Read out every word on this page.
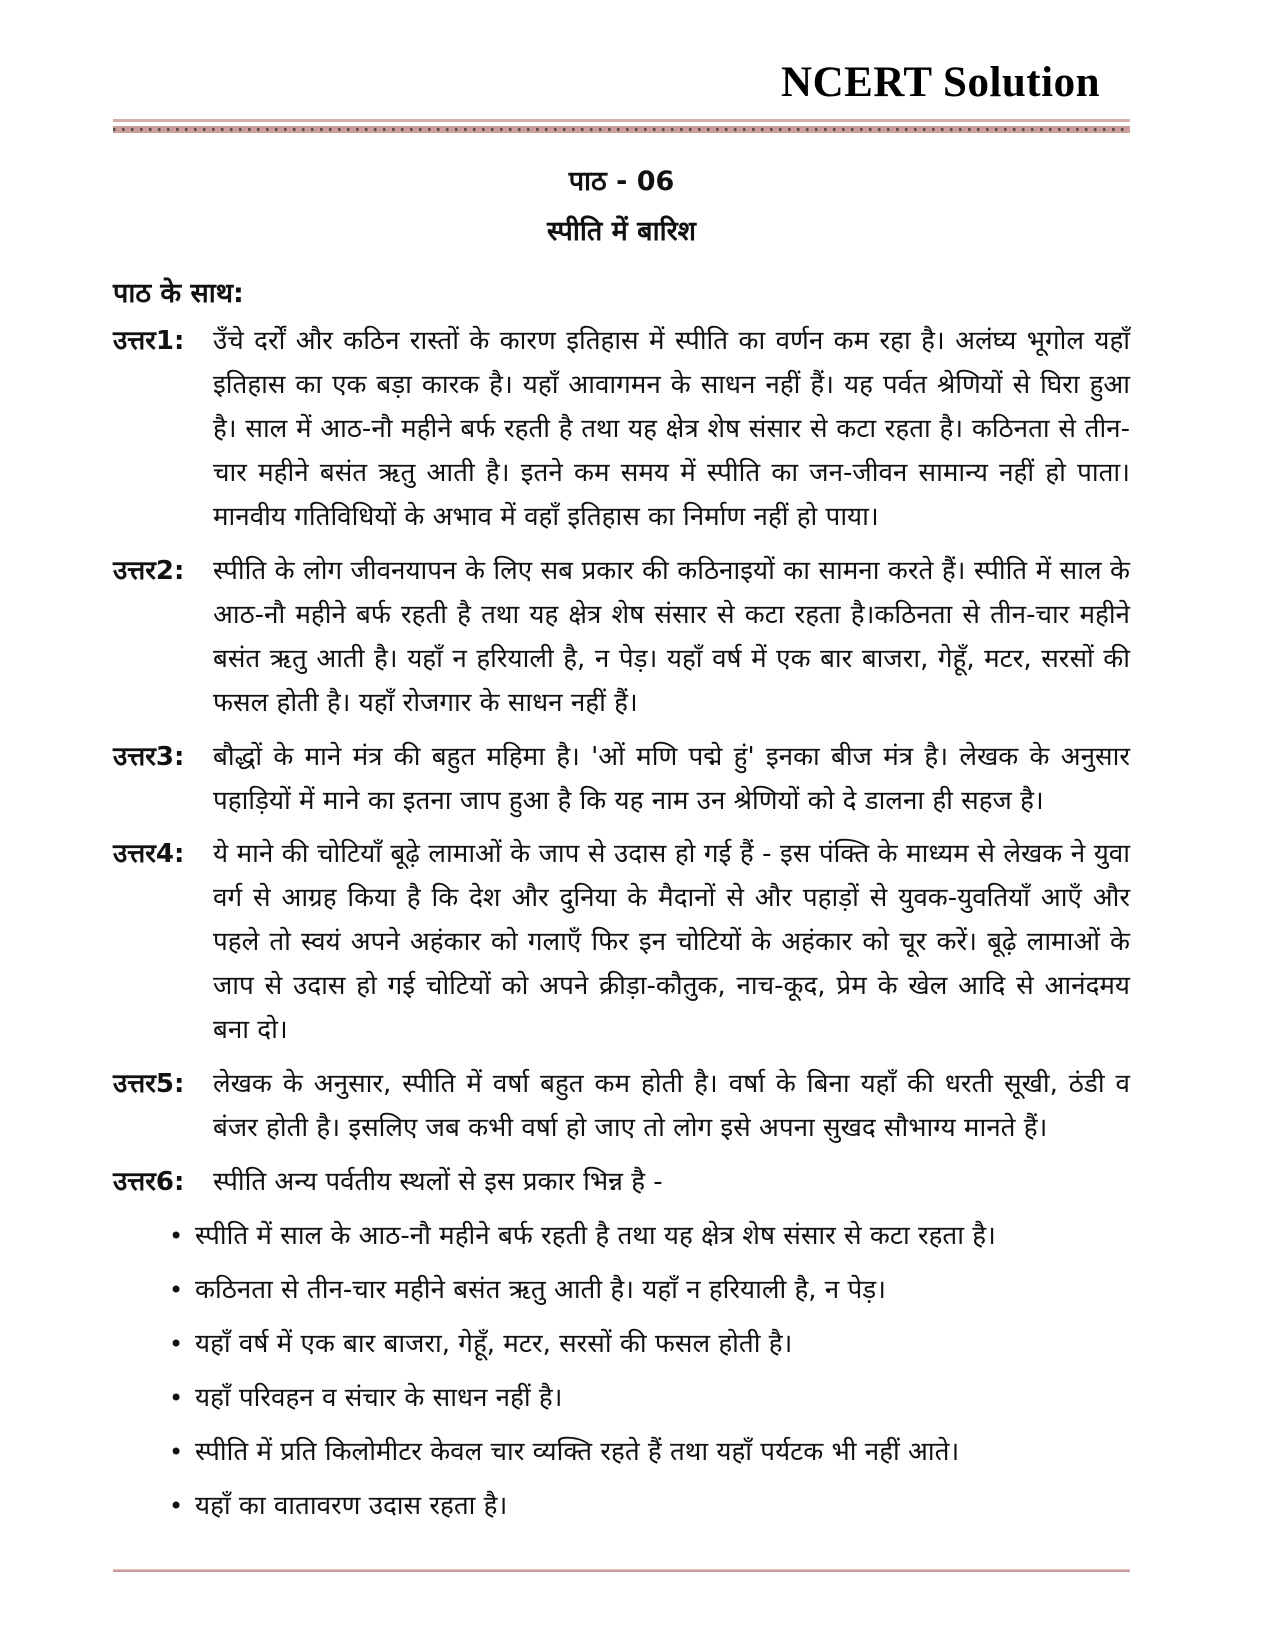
NCERT Solution
पाठ - 06
स्पीति में बारिश
पाठ के साथ:
उत्तर1:	उँचे दर्रों और कठिन रास्तों के कारण इतिहास में स्पीति का वर्णन कम रहा है। अलंघ्य भूगोल यहाँ इतिहास का एक बड़ा कारक है। यहाँ आवागमन के साधन नहीं हैं। यह पर्वत श्रेणियों से घिरा हुआ है। साल में आठ-नौ महीने बर्फ रहती है तथा यह क्षेत्र शेष संसार से कटा रहता है। कठिनता से तीन-चार महीने बसंत ऋतु आती है। इतने कम समय में स्पीति का जन-जीवन सामान्य नहीं हो पाता। मानवीय गतिविधियों के अभाव में वहाँ इतिहास का निर्माण नहीं हो पाया।
उत्तर2:	स्पीति के लोग जीवनयापन के लिए सब प्रकार की कठिनाइयों का सामना करते हैं। स्पीति में साल के आठ-नौ महीने बर्फ रहती है तथा यह क्षेत्र शेष संसार से कटा रहता है।कठिनता से तीन-चार महीने बसंत ऋतु आती है। यहाँ न हरियाली है, न पेड़। यहाँ वर्ष में एक बार बाजरा, गेहूँ, मटर, सरसों की फसल होती है। यहाँ रोजगार के साधन नहीं हैं।
उत्तर3:	बौद्धों के माने मंत्र की बहुत महिमा है। 'ओं मणि पद्मे हुं' इनका बीज मंत्र है। लेखक के अनुसार पहाड़ियों में माने का इतना जाप हुआ है कि यह नाम उन श्रेणियों को दे डालना ही सहज है।
उत्तर4:	ये माने की चोटियाँ बूढ़े लामाओं के जाप से उदास हो गई हैं - इस पंक्ति के माध्यम से लेखक ने युवा वर्ग से आग्रह किया है कि देश और दुनिया के मैदानों से और पहाड़ों से युवक-युवतियाँ आएँ और पहले तो स्वयं अपने अहंकार को गलाएँ फिर इन चोटियों के अहंकार को चूर करें। बूढ़े लामाओं के जाप से उदास हो गई चोटियों को अपने क्रीड़ा-कौतुक, नाच-कूद, प्रेम के खेल आदि से आनंदमय बना दो।
उत्तर5:	लेखक के अनुसार, स्पीति में वर्षा बहुत कम होती है। वर्षा के बिना यहाँ की धरती सूखी, ठंडी व बंजर होती है। इसलिए जब कभी वर्षा हो जाए तो लोग इसे अपना सुखद सौभाग्य मानते हैं।
उत्तर6:	स्पीति अन्य पर्वतीय स्थलों से इस प्रकार भिन्न है -
• स्पीति में साल के आठ-नौ महीने बर्फ रहती है तथा यह क्षेत्र शेष संसार से कटा रहता है।
• कठिनता से तीन-चार महीने बसंत ऋतु आती है। यहाँ न हरियाली है, न पेड़।
• यहाँ वर्ष में एक बार बाजरा, गेहूँ, मटर, सरसों की फसल होती है।
• यहाँ परिवहन व संचार के साधन नहीं है।
• स्पीति में प्रति किलोमीटर केवल चार व्यक्ति रहते हैं तथा यहाँ पर्यटक भी नहीं आते।
• यहाँ का वातावरण उदास रहता है।
